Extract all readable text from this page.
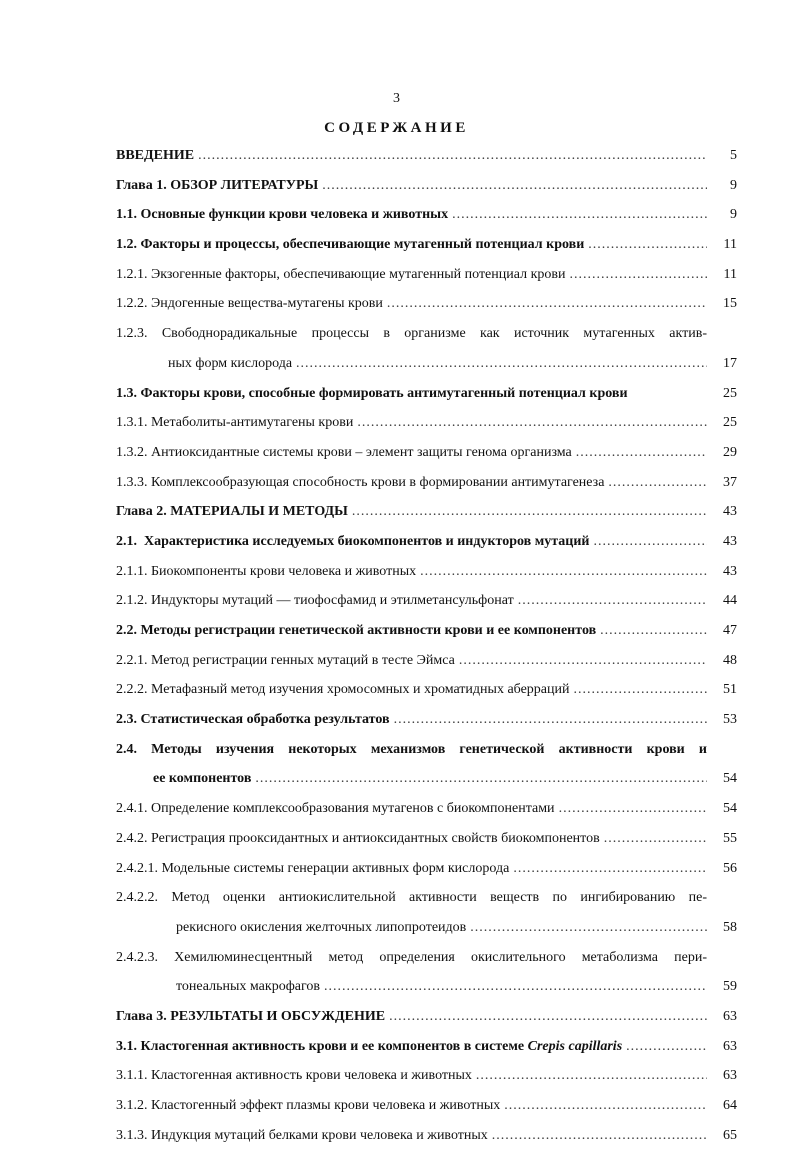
3
СОДЕРЖАНИЕ
ВВЕДЕНИЕ .....	5
Глава 1. ОБЗОР ЛИТЕРАТУРЫ .....	9
1.1. Основные функции крови человека и животных .....	9
1.2. Факторы и процессы, обеспечивающие мутагенный потенциал крови .....	11
1.2.1. Экзогенные факторы, обеспечивающие мутагенный потенциал крови .....	11
1.2.2. Эндогенные вещества-мутагены крови .....	15
1.2.3. Свободнорадикальные процессы в организме как источник мутагенных актив-
ных форм кислорода .....	17
1.3. Факторы крови, способные формировать антимутагенный потенциал крови	25
1.3.1. Метаболиты-антимутагены крови .....	25
1.3.2. Антиоксидантные системы крови – элемент защиты генома организма .....	29
1.3.3. Комплексообразующая способность крови в формировании антимутагенеза .....	37
Глава 2. МАТЕРИАЛЫ И МЕТОДЫ .....	43
2.1.  Характеристика исследуемых биокомпонентов и индукторов мутаций .....	43
2.1.1. Биокомпоненты крови человека и животных .....	43
2.1.2. Индукторы мутаций — тиофосфамид и этилметансульфонат .....	44
2.2. Методы регистрации генетической активности крови и ее компонентов .....	47
2.2.1. Метод регистрации генных мутаций в тесте Эймса .....	48
2.2.2. Метафазный метод изучения хромосомных и хроматидных аберраций .....	51
2.3. Статистическая обработка результатов .....	53
2.4. Методы изучения некоторых механизмов генетической активности крови и
ее компонентов .....	54
2.4.1. Определение комплексообразования мутагенов с биокомпонентами .....	54
2.4.2. Регистрация прооксидантных и антиоксидантных свойств биокомпонентов .....	55
2.4.2.1. Модельные системы генерации активных форм кислорода .....	56
2.4.2.2. Метод оценки антиокислительной активности веществ по ингибированию пе-
рекисного окисления желточных липопротеидов .....	58
2.4.2.3. Хемилюминесцентный метод определения окислительного метаболизма пери-
тонеальных макрофагов .....	59
Глава 3. РЕЗУЛЬТАТЫ И ОБСУЖДЕНИЕ .....	63
3.1. Кластогенная активность крови и ее компонентов в системе Crepis capillaris .....	63
3.1.1. Кластогенная активность крови человека и животных .....	63
3.1.2. Кластогенный эффект плазмы крови человека и животных .....	64
3.1.3. Индукция мутаций белками крови человека и животных .....	65
